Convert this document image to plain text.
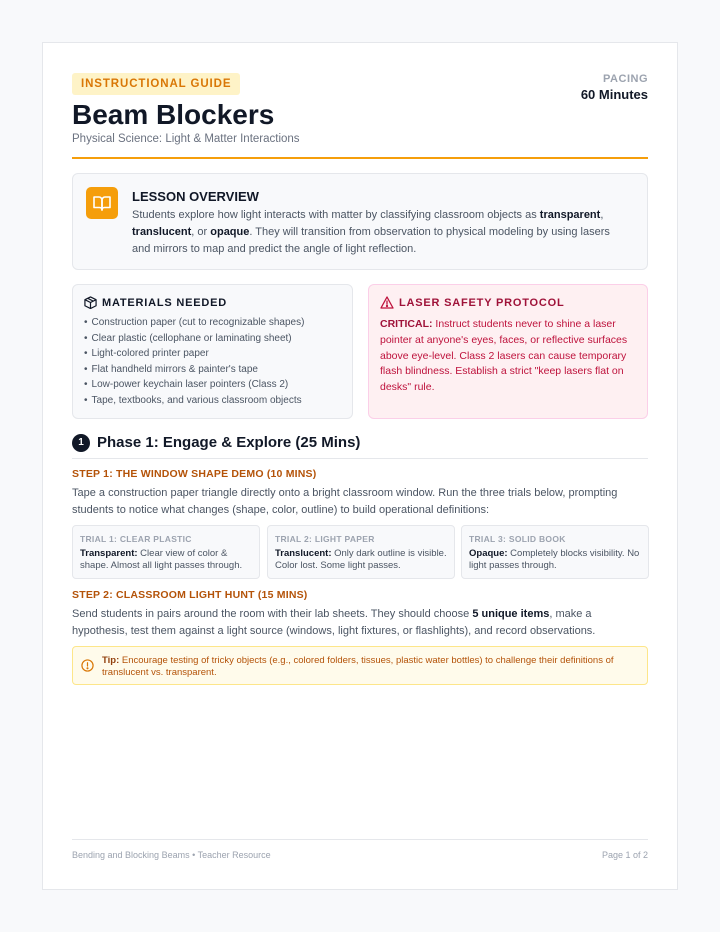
INSTRUCTIONAL GUIDE
Beam Blockers
Physical Science: Light & Matter Interactions
PACING
60 Minutes
LESSON OVERVIEW

Students explore how light interacts with matter by classifying classroom objects as transparent, translucent, or opaque. They will transition from observation to physical modeling by using lasers and mirrors to map and predict the angle of light reflection.

MATERIALS NEEDED
• Construction paper (cut to recognizable shapes)
• Clear plastic (cellophane or laminating sheet)
• Light-colored printer paper
• Flat handheld mirrors & painter's tape
• Low-power keychain laser pointers (Class 2)
• Tape, textbooks, and various classroom objects
LASER SAFETY PROTOCOL

CRITICAL: Instruct students never to shine a laser pointer at anyone's eyes, faces, or reflective surfaces above eye-level. Class 2 lasers can cause temporary flash blindness. Establish a strict "keep lasers flat on desks" rule.

1 Phase 1: Engage & Explore (25 Mins)
STEP 1: THE WINDOW SHAPE DEMO (10 MINS)

Tape a construction paper triangle directly onto a bright classroom window. Run the three trials below, prompting students to notice what changes (shape, color, outline) to build operational definitions:

TRIAL 1: CLEAR PLASTIC
Transparent: Clear view of color & shape. Almost all light passes through.
TRIAL 2: LIGHT PAPER
Translucent: Only dark outline is visible. Color lost. Some light passes.
TRIAL 3: SOLID BOOK
Opaque: Completely blocks visibility. No light passes through.
STEP 2: CLASSROOM LIGHT HUNT (15 MINS)

Send students in pairs around the room with their lab sheets. They should choose 5 unique items, make a hypothesis, test them against a light source (windows, light fixtures, or flashlights), and record observations.

Tip: Encourage testing of tricky objects (e.g., colored folders, tissues, plastic water bottles) to challenge their definitions of translucent vs. transparent.

Bending and Blocking Beams • Teacher Resource	Page 1 of 2
